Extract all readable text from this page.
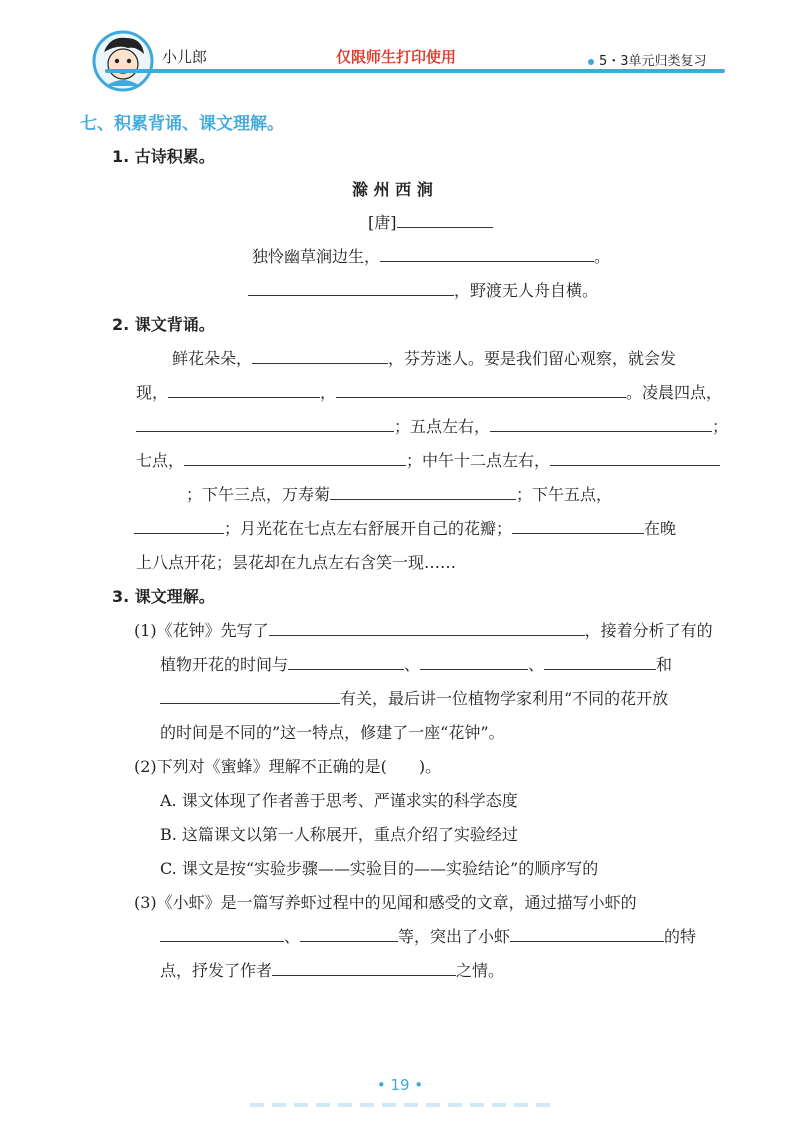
小儿郎	仅限师生打印使用	5・3单元归类复习
七、积累背诵、课文理解。
1. 古诗积累。
滁 州 西 涧
[唐]
独怜幽草涧边生，	。
，野渡无人舟自横。
2. 课文背诵。
鲜花朵朵，	，芬芳迷人。要是我们留心观察，就会发
现，	，	。凌晨四点，
；五点左右，	；
七点，	；中午十二点左右，
；下午三点，万寿菊	；下午五点，
；月光花在七点左右舒展开自己的花瓣；	在晚
上八点开花；昙花却在九点左右含笑一现……
3. 课文理解。
(1)《花钟》先写了	，接着分析了有的
植物开花的时间与	、	、	和
有关，最后讲一位植物学家利用“不同的花开放
的时间是不同的”这一特点，修建了一座“花钟”。
(2)下列对《蜜蜂》理解不正确的是(　　)。
A. 课文体现了作者善于思考、严谨求实的科学态度
B. 这篇课文以第一人称展开，重点介绍了实验经过
C. 课文是按“实验步骤——实验目的——实验结论”的顺序写的
(3)《小虾》是一篇写养虾过程中的见闻和感受的文章，通过描写小虾的
、	等，突出了小虾	的特
点，抒发了作者	之情。
• 19 •
